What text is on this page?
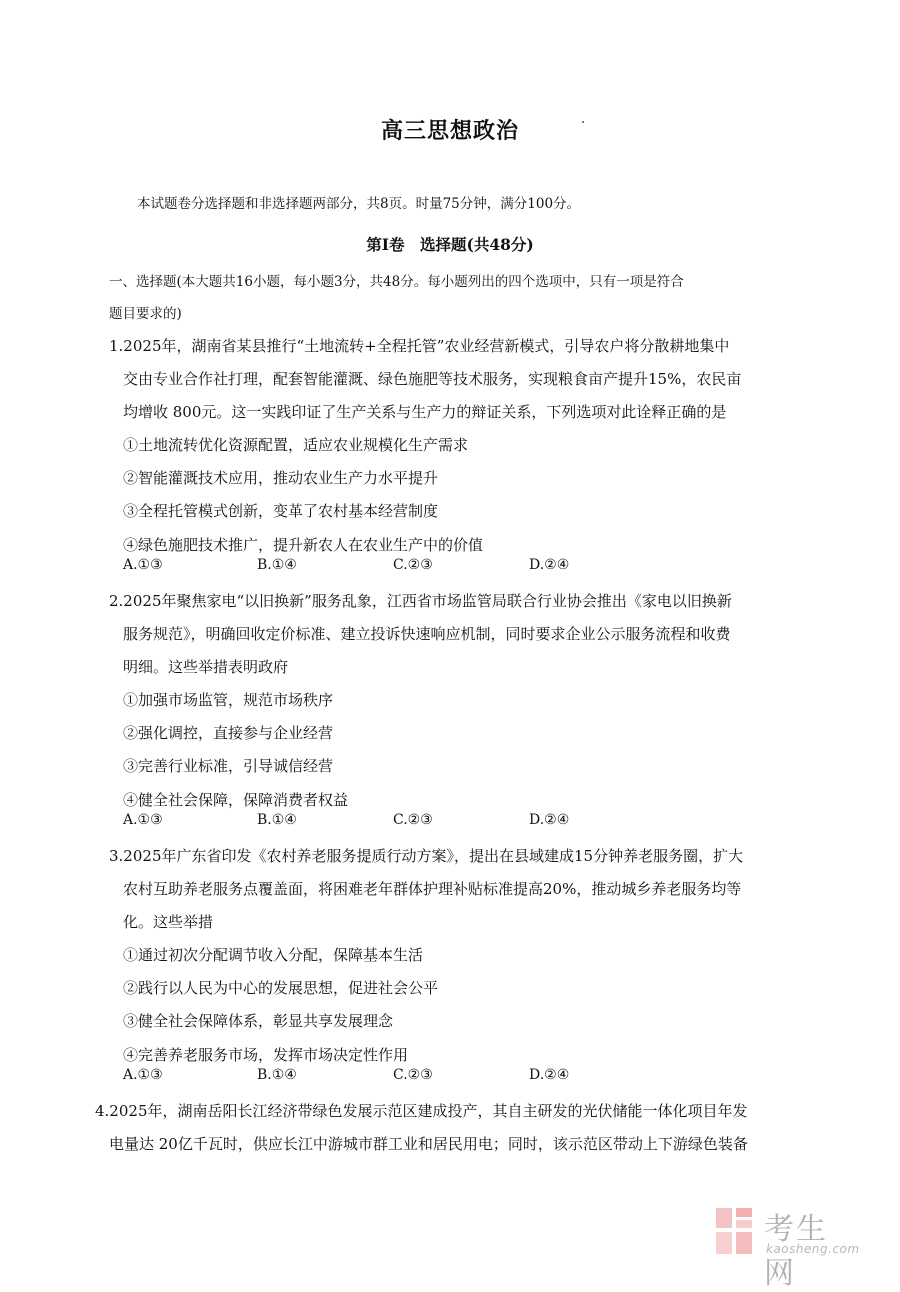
高三思想政治
本试题卷分选择题和非选择题两部分，共8页。时量75分钟，满分100分。
第Ⅰ卷　选择题(共48分)
一、选择题(本大题共16小题，每小题3分，共48分。每小题列出的四个选项中，只有一项是符合
题目要求的)
1.2025年，湖南省某县推行“土地流转+全程托管”农业经营新模式，引导农户将分散耕地集中
交由专业合作社打理，配套智能灌溉、绿色施肥等技术服务，实现粮食亩产提升15%，农民亩
均增收 800元。这一实践印证了生产关系与生产力的辩证关系，下列选项对此诠释正确的是
①土地流转优化资源配置，适应农业规模化生产需求
②智能灌溉技术应用，推动农业生产力水平提升
③全程托管模式创新，变革了农村基本经营制度
④绿色施肥技术推广，提升新农人在农业生产中的价值
A.①③	B.①④	C.②③	D.②④
2.2025年聚焦家电“以旧换新”服务乱象，江西省市场监管局联合行业协会推出《家电以旧换新
服务规范》，明确回收定价标准、建立投诉快速响应机制，同时要求企业公示服务流程和收费
明细。这些举措表明政府
①加强市场监管，规范市场秩序
②强化调控，直接参与企业经营
③完善行业标准，引导诚信经营
④健全社会保障，保障消费者权益
A.①③	B.①④	C.②③	D.②④
3.2025年广东省印发《农村养老服务提质行动方案》，提出在县域建成15分钟养老服务圈，扩大
农村互助养老服务点覆盖面，将困难老年群体护理补贴标准提高20%，推动城乡养老服务均等
化。这些举措
①通过初次分配调节收入分配，保障基本生活
②践行以人民为中心的发展思想，促进社会公平
③健全社会保障体系，彰显共享发展理念
④完善养老服务市场，发挥市场决定性作用
A.①③	B.①④	C.②③	D.②④
4.2025年，湖南岳阳长江经济带绿色发展示范区建成投产，其自主研发的光伏储能一体化项目年发
电量达 20亿千瓦时，供应长江中游城市群工业和居民用电；同时，该示范区带动上下游绿色装备
考生网
kaosheng.com
